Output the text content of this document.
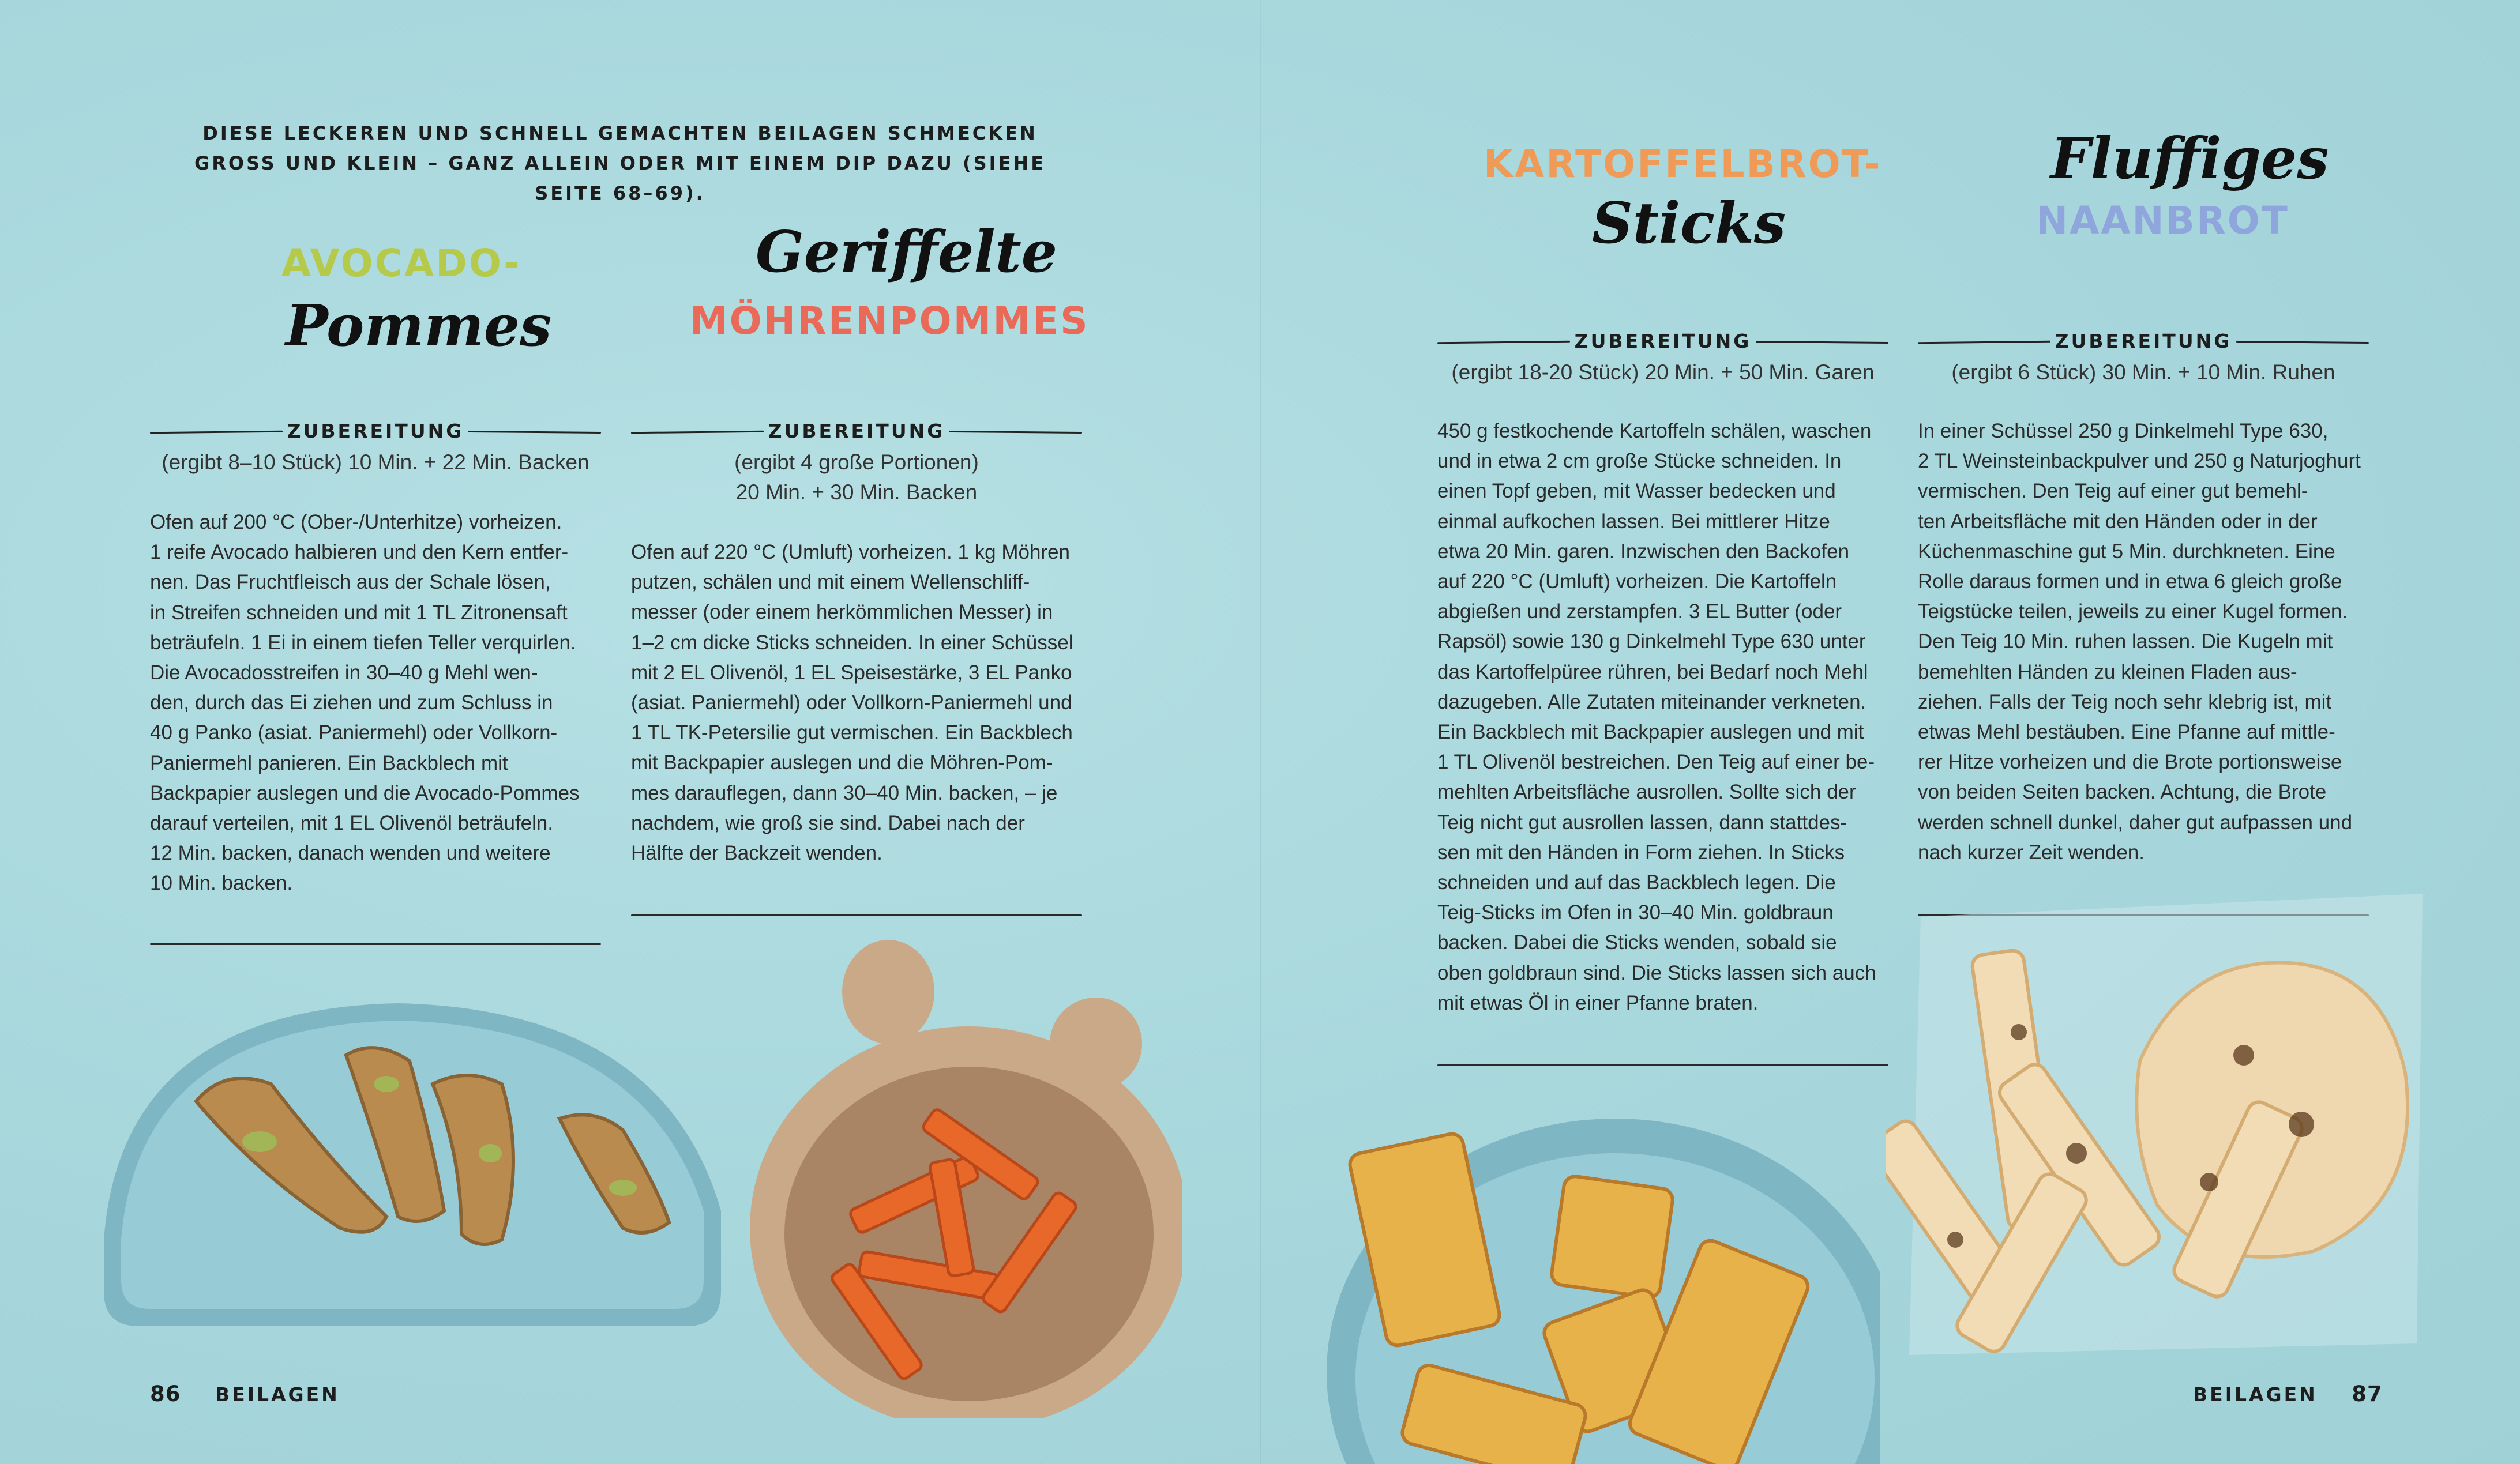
DIESE LECKEREN UND SCHNELL GEMACHTEN BEILAGEN SCHMECKEN GROSS UND KLEIN – GANZ ALLEIN ODER MIT EINEM DIP DAZU (SIEHE SEITE 68–69).
AVOCADO-
Pommes
ZUBEREITUNG
(ergibt 8–10 Stück) 10 Min. + 22 Min. Backen
Ofen auf 200 °C (Ober-/Unterhitze) vorheizen.
1 reife Avocado halbieren und den Kern entfer-
nen. Das Fruchtfleisch aus der Schale lösen,
in Streifen schneiden und mit 1 TL Zitronensaft
beträufeln. 1 Ei in einem tiefen Teller verquirlen.
Die Avocadosstreifen in 30–40 g Mehl wen-
den, durch das Ei ziehen und zum Schluss in
40 g Panko (asiat. Paniermehl) oder Vollkorn-
Paniermehl panieren. Ein Backblech mit
Backpapier auslegen und die Avocado-Pommes
darauf verteilen, mit 1 EL Olivenöl beträufeln.
12 Min. backen, danach wenden und weitere
10 Min. backen.
Geriffelte
MÖHRENPOMMES
ZUBEREITUNG
(ergibt 4 große Portionen)
20 Min. + 30 Min. Backen
Ofen auf 220 °C (Umluft) vorheizen. 1 kg Möhren
putzen, schälen und mit einem Wellenschliff-
messer (oder einem herkömmlichen Messer) in
1–2 cm dicke Sticks schneiden. In einer Schüssel
mit 2 EL Olivenöl, 1 EL Speisestärke, 3 EL Panko
(asiat. Paniermehl) oder Vollkorn-Paniermehl und
1 TL TK-Petersilie gut vermischen. Ein Backblech
mit Backpapier auslegen und die Möhren-Pom-
mes darauflegen, dann 30–40 Min. backen, – je
nachdem, wie groß sie sind. Dabei nach der
Hälfte der Backzeit wenden.
KARTOFFELBROT-
Sticks
ZUBEREITUNG
(ergibt 18-20 Stück) 20 Min. + 50 Min. Garen
450 g festkochende Kartoffeln schälen, waschen
und in etwa 2 cm große Stücke schneiden. In
einen Topf geben, mit Wasser bedecken und
einmal aufkochen lassen. Bei mittlerer Hitze
etwa 20 Min. garen. Inzwischen den Backofen
auf 220 °C (Umluft) vorheizen. Die Kartoffeln
abgießen und zerstampfen. 3 EL Butter (oder
Rapsöl) sowie 130 g Dinkelmehl Type 630 unter
das Kartoffelpüree rühren, bei Bedarf noch Mehl
dazugeben. Alle Zutaten miteinander verkneten.
Ein Backblech mit Backpapier auslegen und mit
1 TL Olivenöl bestreichen. Den Teig auf einer be-
mehlten Arbeitsfläche ausrollen. Sollte sich der
Teig nicht gut ausrollen lassen, dann stattdes-
sen mit den Händen in Form ziehen. In Sticks
schneiden und auf das Backblech legen. Die
Teig-Sticks im Ofen in 30–40 Min. goldbraun
backen. Dabei die Sticks wenden, sobald sie
oben goldbraun sind. Die Sticks lassen sich auch
mit etwas Öl in einer Pfanne braten.
Fluffiges
NAANBROT
ZUBEREITUNG
(ergibt 6 Stück) 30 Min. + 10 Min. Ruhen
In einer Schüssel 250 g Dinkelmehl Type 630,
2 TL Weinsteinbackpulver und 250 g Naturjoghurt
vermischen. Den Teig auf einer gut bemehl-
ten Arbeitsfläche mit den Händen oder in der
Küchenmaschine gut 5 Min. durchkneten. Eine
Rolle daraus formen und in etwa 6 gleich große
Teigstücke teilen, jeweils zu einer Kugel formen.
Den Teig 10 Min. ruhen lassen. Die Kugeln mit
bemehlten Händen zu kleinen Fladen aus-
ziehen. Falls der Teig noch sehr klebrig ist, mit
etwas Mehl bestäuben. Eine Pfanne auf mittle-
rer Hitze vorheizen und die Brote portionsweise
von beiden Seiten backen. Achtung, die Brote
werden schnell dunkel, daher gut aufpassen und
nach kurzer Zeit wenden.
86 BEILAGEN	BEILAGEN 87
